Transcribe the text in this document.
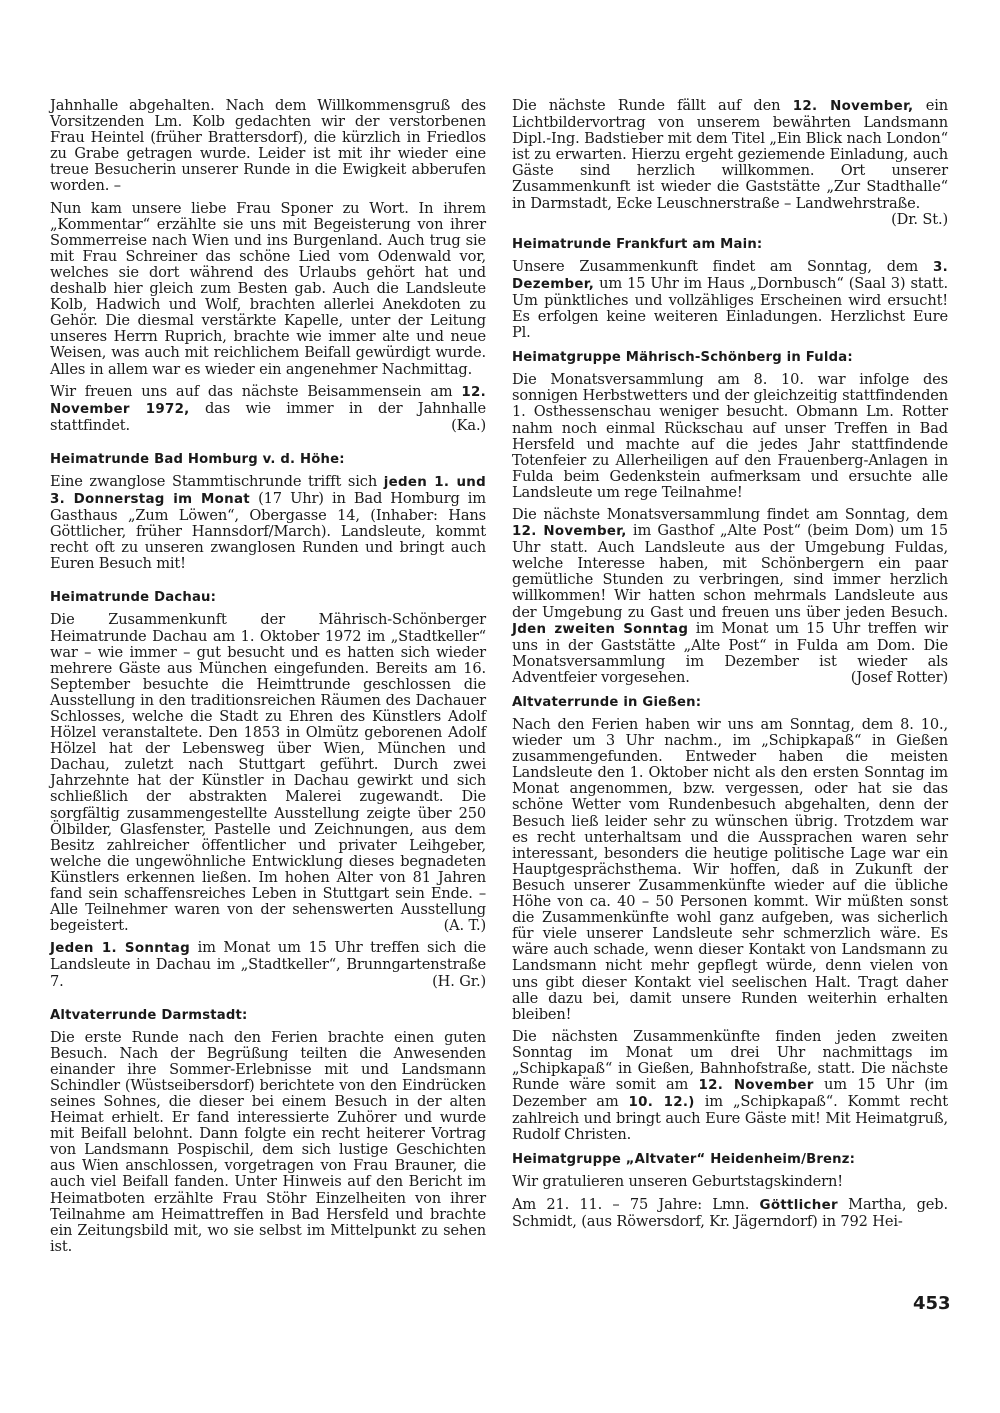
Jahnhalle abgehalten. Nach dem Willkommensgruß des Vorsitzenden Lm. Kolb gedachten wir der verstorbenen Frau Heintel (früher Brattersdorf), die kürzlich in Friedlos zu Grabe getragen wurde. Leider ist mit ihr wieder eine treue Besucherin unserer Runde in die Ewigkeit abberufen worden. –

Nun kam unsere liebe Frau Sponer zu Wort. In ihrem „Kommentar“ erzählte sie uns mit Begeisterung von ihrer Sommerreise nach Wien und ins Burgenland. Auch trug sie mit Frau Schreiner das schöne Lied vom Odenwald vor, welches sie dort während des Urlaubs gehört hat und deshalb hier gleich zum Besten gab. Auch die Landsleute Kolb, Hadwich und Wolf, brachten allerlei Anekdoten zu Gehör. Die diesmal verstärkte Kapelle, unter der Leitung unseres Herrn Ruprich, brachte wie immer alte und neue Weisen, was auch mit reichlichem Beifall gewürdigt wurde. Alles in allem war es wieder ein angenehmer Nachmittag.

Wir freuen uns auf das nächste Beisammensein am 12. November 1972, das wie immer in der Jahnhalle stattfindet.	(Ka.)

Heimatrunde Bad Homburg v. d. Höhe:

Eine zwanglose Stammtischrunde trifft sich jeden 1. und 3. Donnerstag im Monat (17 Uhr) in Bad Homburg im Gasthaus „Zum Löwen“, Obergasse 14, (Inhaber: Hans Göttlicher, früher Hannsdorf/March). Landsleute, kommt recht oft zu unseren zwanglosen Runden und bringt auch Euren Besuch mit!

Heimatrunde Dachau:

Die Zusammenkunft der Mährisch-Schönberger Heimatrunde Dachau am 1. Oktober 1972 im „Stadtkeller“ war – wie immer – gut besucht und es hatten sich wieder mehrere Gäste aus München eingefunden. Bereits am 16. September besuchte die Heimttrunde geschlossen die Ausstellung in den traditionsreichen Räumen des Dachauer Schlosses, welche die Stadt zu Ehren des Künstlers Adolf Hölzel veranstaltete. Den 1853 in Olmütz geborenen Adolf Hölzel hat der Lebensweg über Wien, München und Dachau, zuletzt nach Stuttgart geführt. Durch zwei Jahrzehnte hat der Künstler in Dachau gewirkt und sich schließlich der abstrakten Malerei zugewandt. Die sorgfältig zusammengestellte Ausstellung zeigte über 250 Ölbilder, Glasfenster, Pastelle und Zeichnungen, aus dem Besitz zahlreicher öffentlicher und privater Leihgeber, welche die ungewöhnliche Entwicklung dieses begnadeten Künstlers erkennen ließen. Im hohen Alter von 81 Jahren fand sein schaffensreiches Leben in Stuttgart sein Ende. – Alle Teilnehmer waren von der sehenswerten Ausstellung begeistert.	(A. T.)

Jeden 1. Sonntag im Monat um 15 Uhr treffen sich die Landsleute in Dachau im „Stadtkeller“, Brunngartenstraße 7.	(H. Gr.)

Altvaterrunde Darmstadt:

Die erste Runde nach den Ferien brachte einen guten Besuch. Nach der Begrüßung teilten die Anwesenden einander ihre Sommer-Erlebnisse mit und Landsmann Schindler (Wüstseibersdorf) berichtete von den Eindrücken seines Sohnes, die dieser bei einem Besuch in der alten Heimat erhielt. Er fand interessierte Zuhörer und wurde mit Beifall belohnt. Dann folgte ein recht heiterer Vortrag von Landsmann Pospischil, dem sich lustige Geschichten aus Wien anschlossen, vorgetragen von Frau Brauner, die auch viel Beifall fanden. Unter Hinweis auf den Bericht im Heimatboten erzählte Frau Stöhr Einzelheiten von ihrer Teilnahme am Heimattreffen in Bad Hersfeld und brachte ein Zeitungsbild mit, wo sie selbst im Mittelpunkt zu sehen ist.

Die nächste Runde fällt auf den 12. November, ein Lichtbildervortrag von unserem bewährten Landsmann Dipl.-Ing. Badstieber mit dem Titel „Ein Blick nach London“ ist zu erwarten. Hierzu ergeht geziemende Einladung, auch Gäste sind herzlich willkommen. Ort unserer Zusammenkunft ist wieder die Gaststätte „Zur Stadthalle“ in Darmstadt, Ecke Leuschnerstraße – Landwehrstraße.
(Dr. St.)

Heimatrunde Frankfurt am Main:

Unsere Zusammenkunft findet am Sonntag, dem 3. Dezember, um 15 Uhr im Haus „Dornbusch“ (Saal 3) statt. Um pünktliches und vollzähliges Erscheinen wird ersucht! Es erfolgen keine weiteren Einladungen. Herzlichst Eure Pl.

Heimatgruppe Mährisch-Schönberg in Fulda:

Die Monatsversammlung am 8. 10. war infolge des sonnigen Herbstwetters und der gleichzeitig stattfindenden 1. Osthessenschau weniger besucht. Obmann Lm. Rotter nahm noch einmal Rückschau auf unser Treffen in Bad Hersfeld und machte auf die jedes Jahr stattfindende Totenfeier zu Allerheiligen auf den Frauenberg-Anlagen in Fulda beim Gedenkstein aufmerksam und ersuchte alle Landsleute um rege Teilnahme!

Die nächste Monatsversammlung findet am Sonntag, dem 12. November, im Gasthof „Alte Post“ (beim Dom) um 15 Uhr statt. Auch Landsleute aus der Umgebung Fuldas, welche Interesse haben, mit Schönbergern ein paar gemütliche Stunden zu verbringen, sind immer herzlich willkommen! Wir hatten schon mehrmals Landsleute aus der Umgebung zu Gast und freuen uns über jeden Besuch. Jden zweiten Sonntag im Monat um 15 Uhr treffen wir uns in der Gaststätte „Alte Post“ in Fulda am Dom. Die Monatsversammlung im Dezember ist wieder als Adventfeier vorgesehen.	(Josef Rotter)

Altvaterrunde in Gießen:

Nach den Ferien haben wir uns am Sonntag, dem 8. 10., wieder um 3 Uhr nachm., im „Schipkapaß“ in Gießen zusammengefunden. Entweder haben die meisten Landsleute den 1. Oktober nicht als den ersten Sonntag im Monat angenommen, bzw. vergessen, oder hat sie das schöne Wetter vom Rundenbesuch abgehalten, denn der Besuch ließ leider sehr zu wünschen übrig. Trotzdem war es recht unterhaltsam und die Aussprachen waren sehr interessant, besonders die heutige politische Lage war ein Hauptgesprächsthema. Wir hoffen, daß in Zukunft der Besuch unserer Zusammenkünfte wieder auf die übliche Höhe von ca. 40 – 50 Personen kommt. Wir müßten sonst die Zusammenkünfte wohl ganz aufgeben, was sicherlich für viele unserer Landsleute sehr schmerzlich wäre. Es wäre auch schade, wenn dieser Kontakt von Landsmann zu Landsmann nicht mehr gepflegt würde, denn vielen von uns gibt dieser Kontakt viel seelischen Halt. Tragt daher alle dazu bei, damit unsere Runden weiterhin erhalten bleiben!

Die nächsten Zusammenkünfte finden jeden zweiten Sonntag im Monat um drei Uhr nachmittags im „Schipkapaß“ in Gießen, Bahnhofstraße, statt. Die nächste Runde wäre somit am 12. November um 15 Uhr (im Dezember am 10. 12.) im „Schipkapaß“. Kommt recht zahlreich und bringt auch Eure Gäste mit! Mit Heimatgruß, Rudolf Christen.

Heimatgruppe „Altvater“ Heidenheim/Brenz:

Wir gratulieren unseren Geburtstagskindern!

Am 21. 11. – 75 Jahre: Lmn. Göttlicher Martha, geb. Schmidt, (aus Röwersdorf, Kr. Jägerndorf) in 792 Hei-

453
